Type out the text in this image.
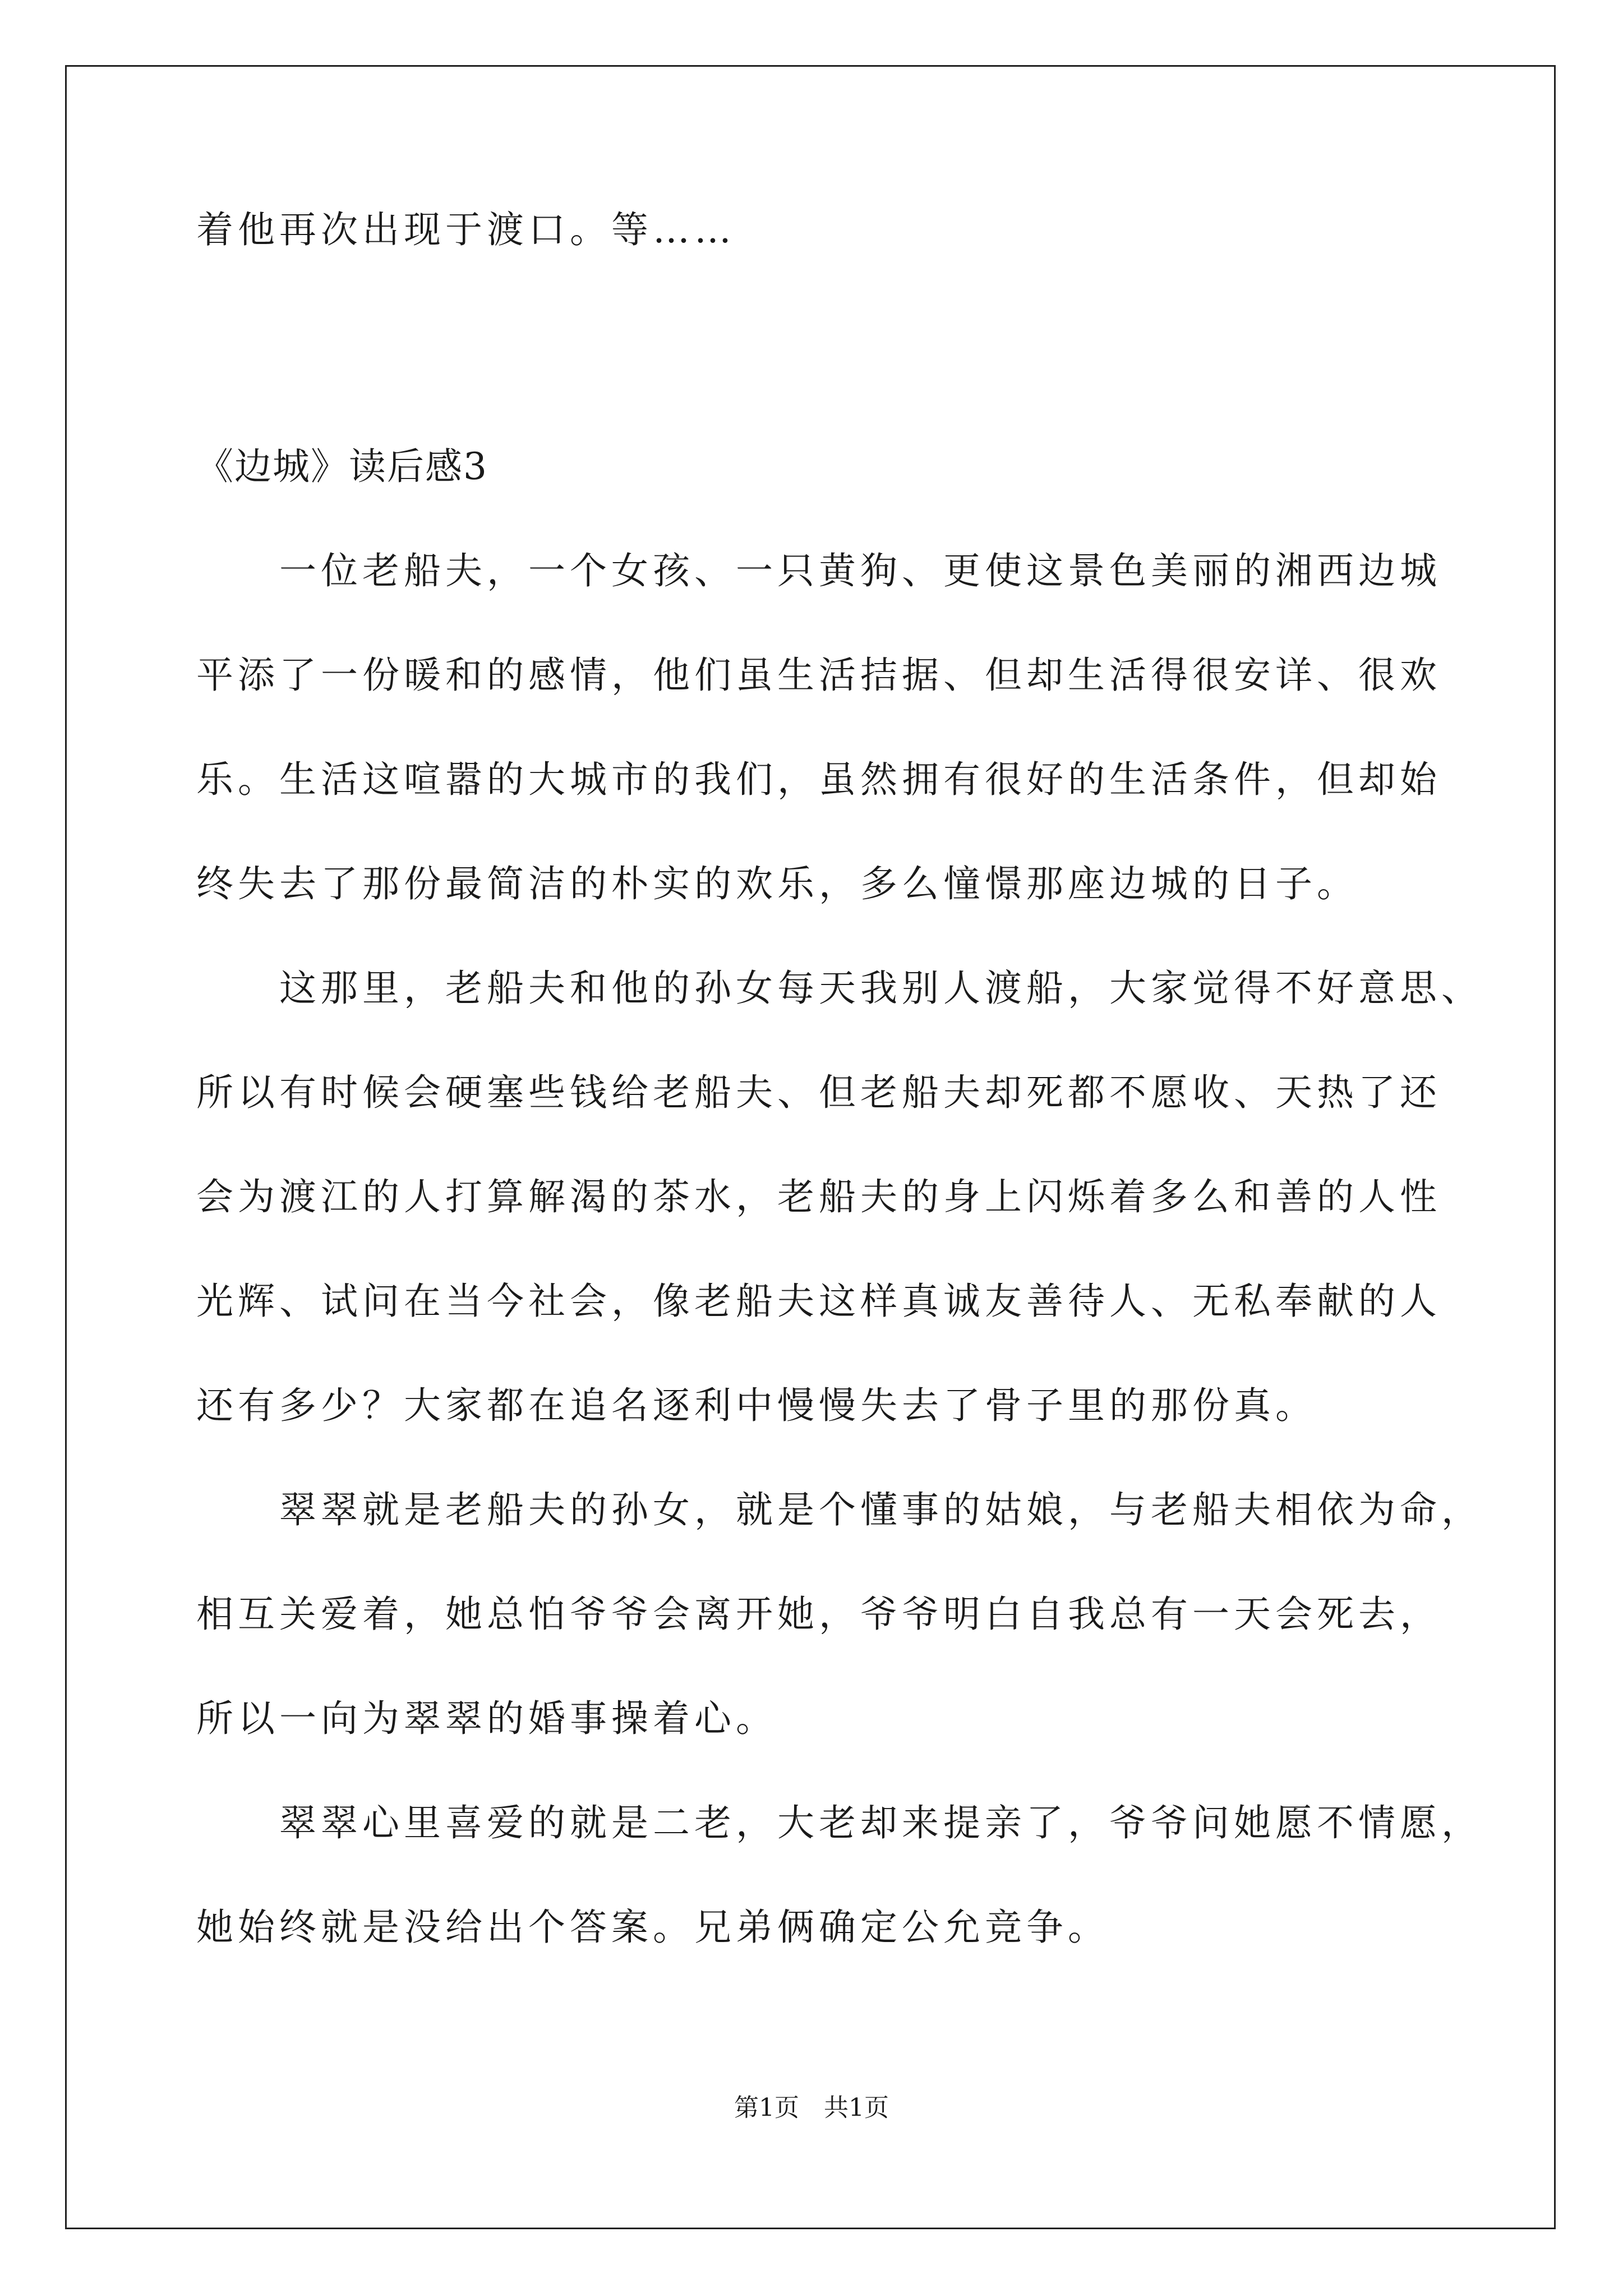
着他再次出现于渡口。等……

《边城》读后感3

一位老船夫，一个女孩、一只黄狗、更使这景色美丽的湘西边城

平添了一份暖和的感情，他们虽生活拮据、但却生活得很安详、很欢

乐。生活这喧嚣的大城市的我们，虽然拥有很好的生活条件，但却始

终失去了那份最简洁的朴实的欢乐，多么憧憬那座边城的日子。

这那里，老船夫和他的孙女每天我别人渡船，大家觉得不好意思、

所以有时候会硬塞些钱给老船夫、但老船夫却死都不愿收、天热了还

会为渡江的人打算解渴的茶水，老船夫的身上闪烁着多么和善的人性

光辉、试问在当今社会，像老船夫这样真诚友善待人、无私奉献的人

还有多少？大家都在追名逐利中慢慢失去了骨子里的那份真。

翠翠就是老船夫的孙女，就是个懂事的姑娘，与老船夫相依为命，

相互关爱着，她总怕爷爷会离开她，爷爷明白自我总有一天会死去，

所以一向为翠翠的婚事操着心。

翠翠心里喜爱的就是二老，大老却来提亲了，爷爷问她愿不情愿，

她始终就是没给出个答案。兄弟俩确定公允竞争。

第1页　共1页
